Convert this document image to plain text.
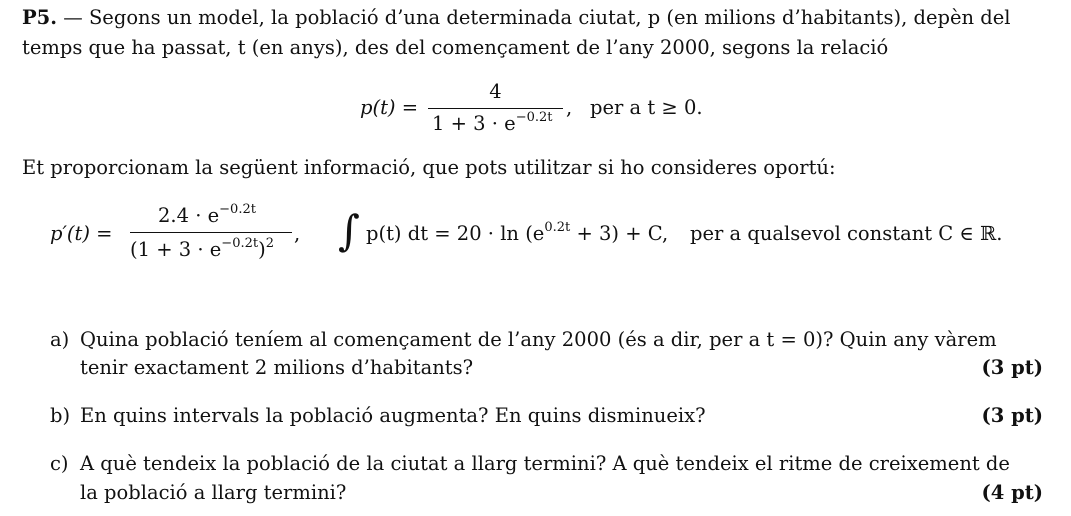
P5. — Segons un model, la població d’una determinada ciutat, p (en milions d’habitants), depèn del
temps que ha passat, t (en anys), des del començament de l’any 2000, segons la relació
p(t) =
4
$1 + 3 \cdot e^{-0.2t}$ , per a t ≥ 0.
Et proporcionam la següent informació, que pots utilitzar si ho consideres oportú:
p′(t) =
$2.4 \cdot e^{-0.2t}$
$(1 + 3 \cdot e^{-0.2t})^2$ , ∫ p(t) dt = $20 \cdot \ln (e^{0.2t} + 3) + C$, per a qualsevol constant C ∈ ℝ.
a) Quina població teníem al començament de l’any 2000 (és a dir, per a t = 0)? Quin any vàrem
tenir exactament 2 milions d’habitants?	(3 pt)
b) En quins intervals la població augmenta? En quins disminueix?	(3 pt)
c) A què tendeix la població de la ciutat a llarg termini? A què tendeix el ritme de creixement de
la població a llarg termini?	(4 pt)
